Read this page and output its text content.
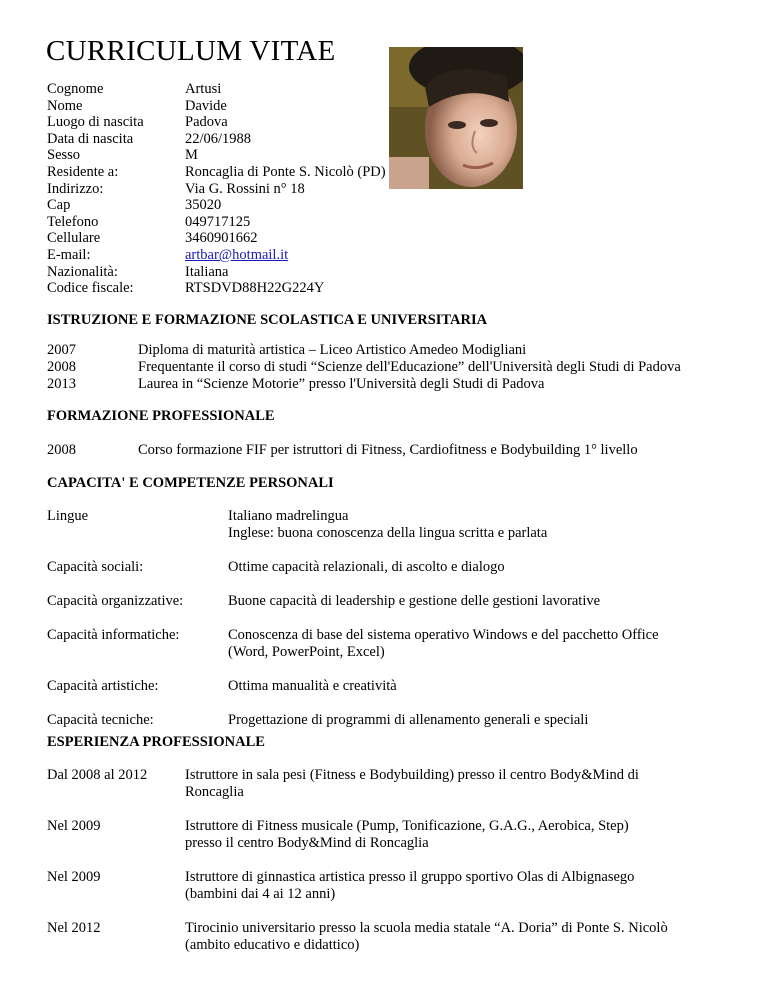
CURRICULUM VITAE
Cognome	Artusi
Nome	Davide
Luogo di nascita	Padova
Data di nascita	22/06/1988
Sesso	M
Residente a:	Roncaglia di Ponte S. Nicolò (PD)
Indirizzo:	Via G. Rossini n° 18
Cap	35020
Telefono	049717125
Cellulare	3460901662
E-mail:	artbar@hotmail.it
Nazionalità:	Italiana
Codice fiscale:	RTSDVD88H22G224Y
ISTRUZIONE E FORMAZIONE SCOLASTICA E UNIVERSITARIA
2007	Diploma di maturità artistica – Liceo Artistico Amedeo Modigliani
2008	Frequentante il corso di studi “Scienze dell'Educazione” dell'Università degli Studi di Padova
2013	Laurea in “Scienze Motorie” presso l'Università degli Studi di Padova
FORMAZIONE PROFESSIONALE
2008	Corso formazione FIF per istruttori di Fitness, Cardiofitness e Bodybuilding 1° livello
CAPACITA' E COMPETENZE PERSONALI
Lingue	Italiano madrelingua
Inglese: buona conoscenza della lingua scritta e parlata
Capacità sociali:	Ottime capacità relazionali, di ascolto e dialogo
Capacità organizzative:	Buone capacità di leadership e gestione delle gestioni lavorative
Capacità informatiche:	Conoscenza di base del sistema operativo Windows e del pacchetto Office
(Word, PowerPoint, Excel)
Capacità artistiche:	Ottima manualità e creatività
Capacità tecniche:	Progettazione di programmi di allenamento generali e speciali
ESPERIENZA PROFESSIONALE
Dal 2008 al 2012	Istruttore in sala pesi (Fitness e Bodybuilding) presso il centro Body&Mind di
Roncaglia
Nel 2009	Istruttore di Fitness musicale (Pump, Tonificazione, G.A.G., Aerobica, Step)
presso il centro Body&Mind di Roncaglia
Nel 2009	Istruttore di ginnastica artistica presso il gruppo sportivo Olas di Albignasego
(bambini dai 4 ai 12 anni)
Nel 2012	Tirocinio universitario presso la scuola media statale “A. Doria” di Ponte S. Nicolò
(ambito educativo e didattico)
